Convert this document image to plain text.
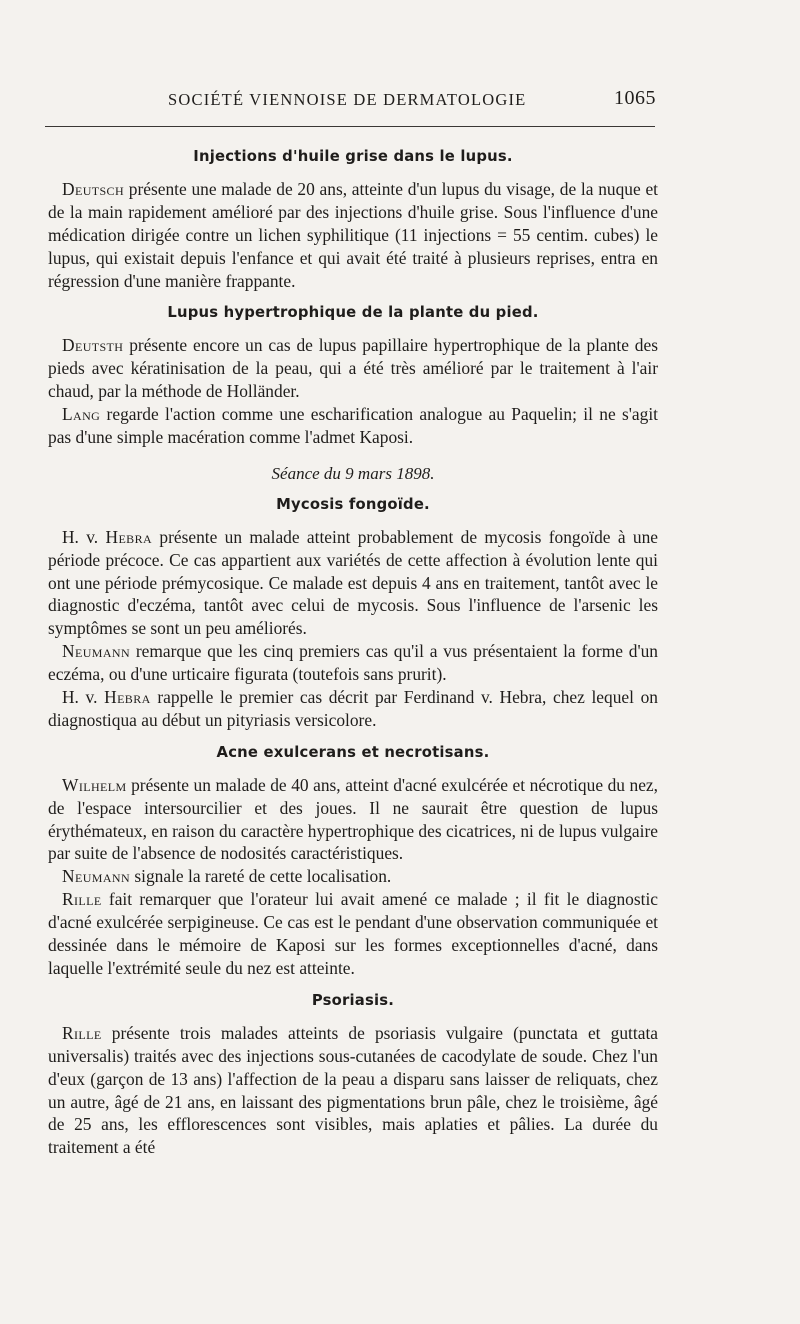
SOCIÉTÉ VIENNOISE DE DERMATOLOGIE	1065
Injections d'huile grise dans le lupus.

Deutsch présente une malade de 20 ans, atteinte d'un lupus du visage, de la nuque et de la main rapidement amélioré par des injections d'huile grise. Sous l'influence d'une médication dirigée contre un lichen syphilitique (11 injections = 55 centim. cubes) le lupus, qui existait depuis l'enfance et qui avait été traité à plusieurs reprises, entra en régression d'une manière frappante.

Lupus hypertrophique de la plante du pied.

Deutsth présente encore un cas de lupus papillaire hypertrophique de la plante des pieds avec kératinisation de la peau, qui a été très amélioré par le traitement à l'air chaud, par la méthode de Holländer.

Lang regarde l'action comme une escharification analogue au Paquelin; il ne s'agit pas d'une simple macération comme l'admet Kaposi.

Séance du 9 mars 1898.
Mycosis fongoïde.

H. v. Hebra présente un malade atteint probablement de mycosis fongoïde à une période précoce. Ce cas appartient aux variétés de cette affection à évolution lente qui ont une période prémycosique. Ce malade est depuis 4 ans en traitement, tantôt avec le diagnostic d'eczéma, tantôt avec celui de mycosis. Sous l'influence de l'arsenic les symptômes se sont un peu améliorés.

Neumann remarque que les cinq premiers cas qu'il a vus présentaient la forme d'un eczéma, ou d'une urticaire figurata (toutefois sans prurit).

H. v. Hebra rappelle le premier cas décrit par Ferdinand v. Hebra, chez lequel on diagnostiqua au début un pityriasis versicolore.

Acne exulcerans et necrotisans.

Wilhelm présente un malade de 40 ans, atteint d'acné exulcérée et nécrotique du nez, de l'espace intersourcilier et des joues. Il ne saurait être question de lupus érythémateux, en raison du caractère hypertrophique des cicatrices, ni de lupus vulgaire par suite de l'absence de nodosités caractéristiques.

Neumann signale la rareté de cette localisation.

Rille fait remarquer que l'orateur lui avait amené ce malade ; il fit le diagnostic d'acné exulcérée serpigineuse. Ce cas est le pendant d'une observation communiquée et dessinée dans le mémoire de Kaposi sur les formes exceptionnelles d'acné, dans laquelle l'extrémité seule du nez est atteinte.

Psoriasis.

Rille présente trois malades atteints de psoriasis vulgaire (punctata et guttata universalis) traités avec des injections sous-cutanées de cacodylate de soude. Chez l'un d'eux (garçon de 13 ans) l'affection de la peau a disparu sans laisser de reliquats, chez un autre, âgé de 21 ans, en laissant des pigmentations brun pâle, chez le troisième, âgé de 25 ans, les efflorescences sont visibles, mais aplaties et pâlies. La durée du traitement a été
